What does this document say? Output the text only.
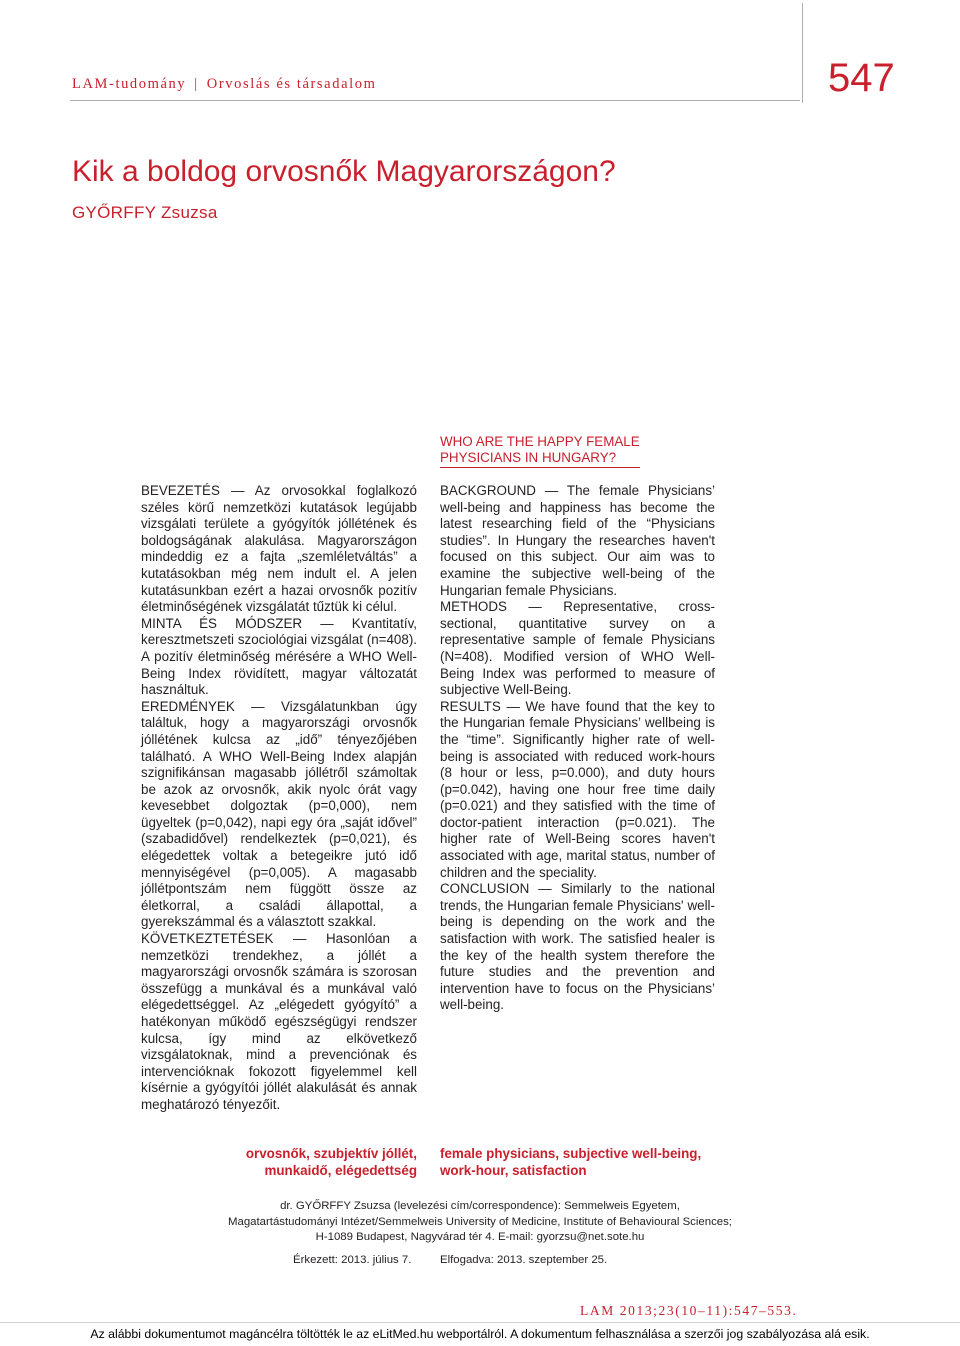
LAM-tudomány | Orvoslás és társadalom	547
Kik a boldog orvosnők Magyarországon?
GYŐRFFY Zsuzsa
WHO ARE THE HAPPY FEMALE PHYSICIANS IN HUNGARY?

BEVEZETÉS — Az orvosokkal foglalkozó széles körű nemzetközi kutatások legújabb vizsgálati területe a gyógyítók jóllétének és boldogságának alakulása. Magyarországon mindeddig ez a fajta „szemléletváltás” a kutatásokban még nem indult el. A jelen kutatásunkban ezért a hazai orvosnők pozitív életminőségének vizsgálatát tűztük ki célul.

MINTA ÉS MÓDSZER — Kvantitatív, keresztmetszeti szociológiai vizsgálat (n=408). A pozitív életminőség mérésére a WHO Well-Being Index rövidített, magyar változatát használtuk.

EREDMÉNYEK — Vizsgálatunkban úgy találtuk, hogy a magyarországi orvosnők jóllétének kulcsa az „idő” tényezőjében található. A WHO Well-Being Index alapján szignifikánsan magasabb jóllétről számoltak be azok az orvosnők, akik nyolc órát vagy kevesebbet dolgoztak (p=0,000), nem ügyeltek (p=0,042), napi egy óra „saját idővel” (szabadidővel) rendelkeztek (p=0,021), és elégedettek voltak a betegeikre jutó idő mennyiségével (p=0,005). A magasabb jóllétpontszám nem függött össze az életkorral, a családi állapottal, a gyerekszámmal és a választott szakkal.

KÖVETKEZTETÉSEK — Hasonlóan a nemzetközi trendekhez, a jóllét a magyarországi orvosnők számára is szorosan összefügg a munkával és a munkával való elégedettséggel. Az „elégedett gyógyító” a hatékonyan működő egészségügyi rendszer kulcsa, így mind az elkövetkező vizsgálatoknak, mind a prevenciónak és intervencióknak fokozott figyelemmel kell kísérnie a gyógyítói jóllét alakulását és annak meghatározó tényezőit.

BACKGROUND — The female Physicians’ well-being and happiness has become the latest researching field of the “Physicians studies”. In Hungary the researches haven't focused on this subject. Our aim was to examine the subjective well-being of the Hungarian female Physicians.

METHODS — Representative, cross-sectional, quantitative survey on a representative sample of female Physicians (N=408). Modified version of WHO Well- Being Index was performed to measure of subjective Well-Being.

RESULTS — We have found that the key to the Hungarian female Physicians’ wellbeing is the “time”. Significantly higher rate of well-being is associated with reduced work-hours (8 hour or less, p=0.000), and duty hours (p=0.042), having one hour free time daily (p=0.021) and they satisfied with the time of doctor-patient interaction (p=0.021). The higher rate of Well-Being scores haven't associated with age, marital status, number of children and the speciality.

CONCLUSION — Similarly to the national trends, the Hungarian female Physicians' well-being is depending on the work and the satisfaction with work. The satisfied healer is the key of the health system therefore the future studies and the prevention and intervention have to focus on the Physicians’ well-being.

orvosnők, szubjektív jóllét,
munkaidő, elégedettség
female physicians, subjective well-being,
work-hour, satisfaction
dr. GYŐRFFY Zsuzsa (levelezési cím/correspondence): Semmelweis Egyetem,
Magatartástudományi Intézet/Semmelweis University of Medicine, Institute of Behavioural Sciences;
H-1089 Budapest, Nagyvárad tér 4. E-mail: gyorzsu@net.sote.hu
Érkezett: 2013. július 7.	Elfogadva: 2013. szeptember 25.
LAM 2013;23(10–11):547–553.
Az alábbi dokumentumot magáncélra töltötték le az eLitMed.hu webportálról. A dokumentum felhasználása a szerzői jog szabályozása alá esik.
